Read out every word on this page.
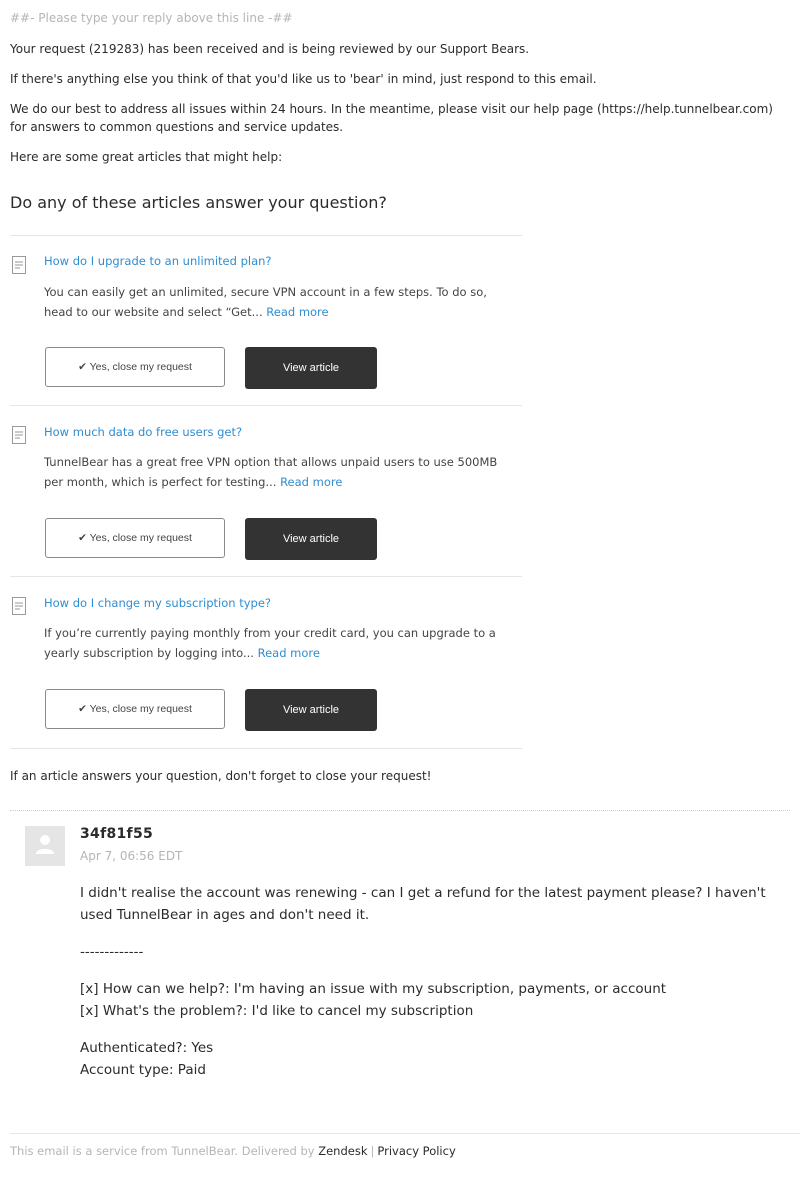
##- Please type your reply above this line -##
Your request (219283) has been received and is being reviewed by our Support Bears.
If there's anything else you think of that you'd like us to 'bear' in mind, just respond to this email.
We do our best to address all issues within 24 hours. In the meantime, please visit our help page (https://help.tunnelbear.com) for answers to common questions and service updates.
Here are some great articles that might help:
Do any of these articles answer your question?
How do I upgrade to an unlimited plan?
You can easily get an unlimited, secure VPN account in a few steps. To do so, head to our website and select “Get... Read more
✔ Yes, close my request	View article
How much data do free users get?
TunnelBear has a great free VPN option that allows unpaid users to use 500MB per month, which is perfect for testing... Read more
✔ Yes, close my request	View article
How do I change my subscription type?
If you’re currently paying monthly from your credit card, you can upgrade to a yearly subscription by logging into... Read more
✔ Yes, close my request	View article
If an article answers your question, don't forget to close your request!
34f81f55
Apr 7, 06:56 EDT
I didn't realise the account was renewing - can I get a refund for the latest payment please? I haven't used TunnelBear in ages and don't need it.
-------------
[x] How can we help?: I'm having an issue with my subscription, payments, or account
[x] What's the problem?: I'd like to cancel my subscription
Authenticated?: Yes
Account type: Paid
This email is a service from TunnelBear. Delivered by Zendesk | Privacy Policy
